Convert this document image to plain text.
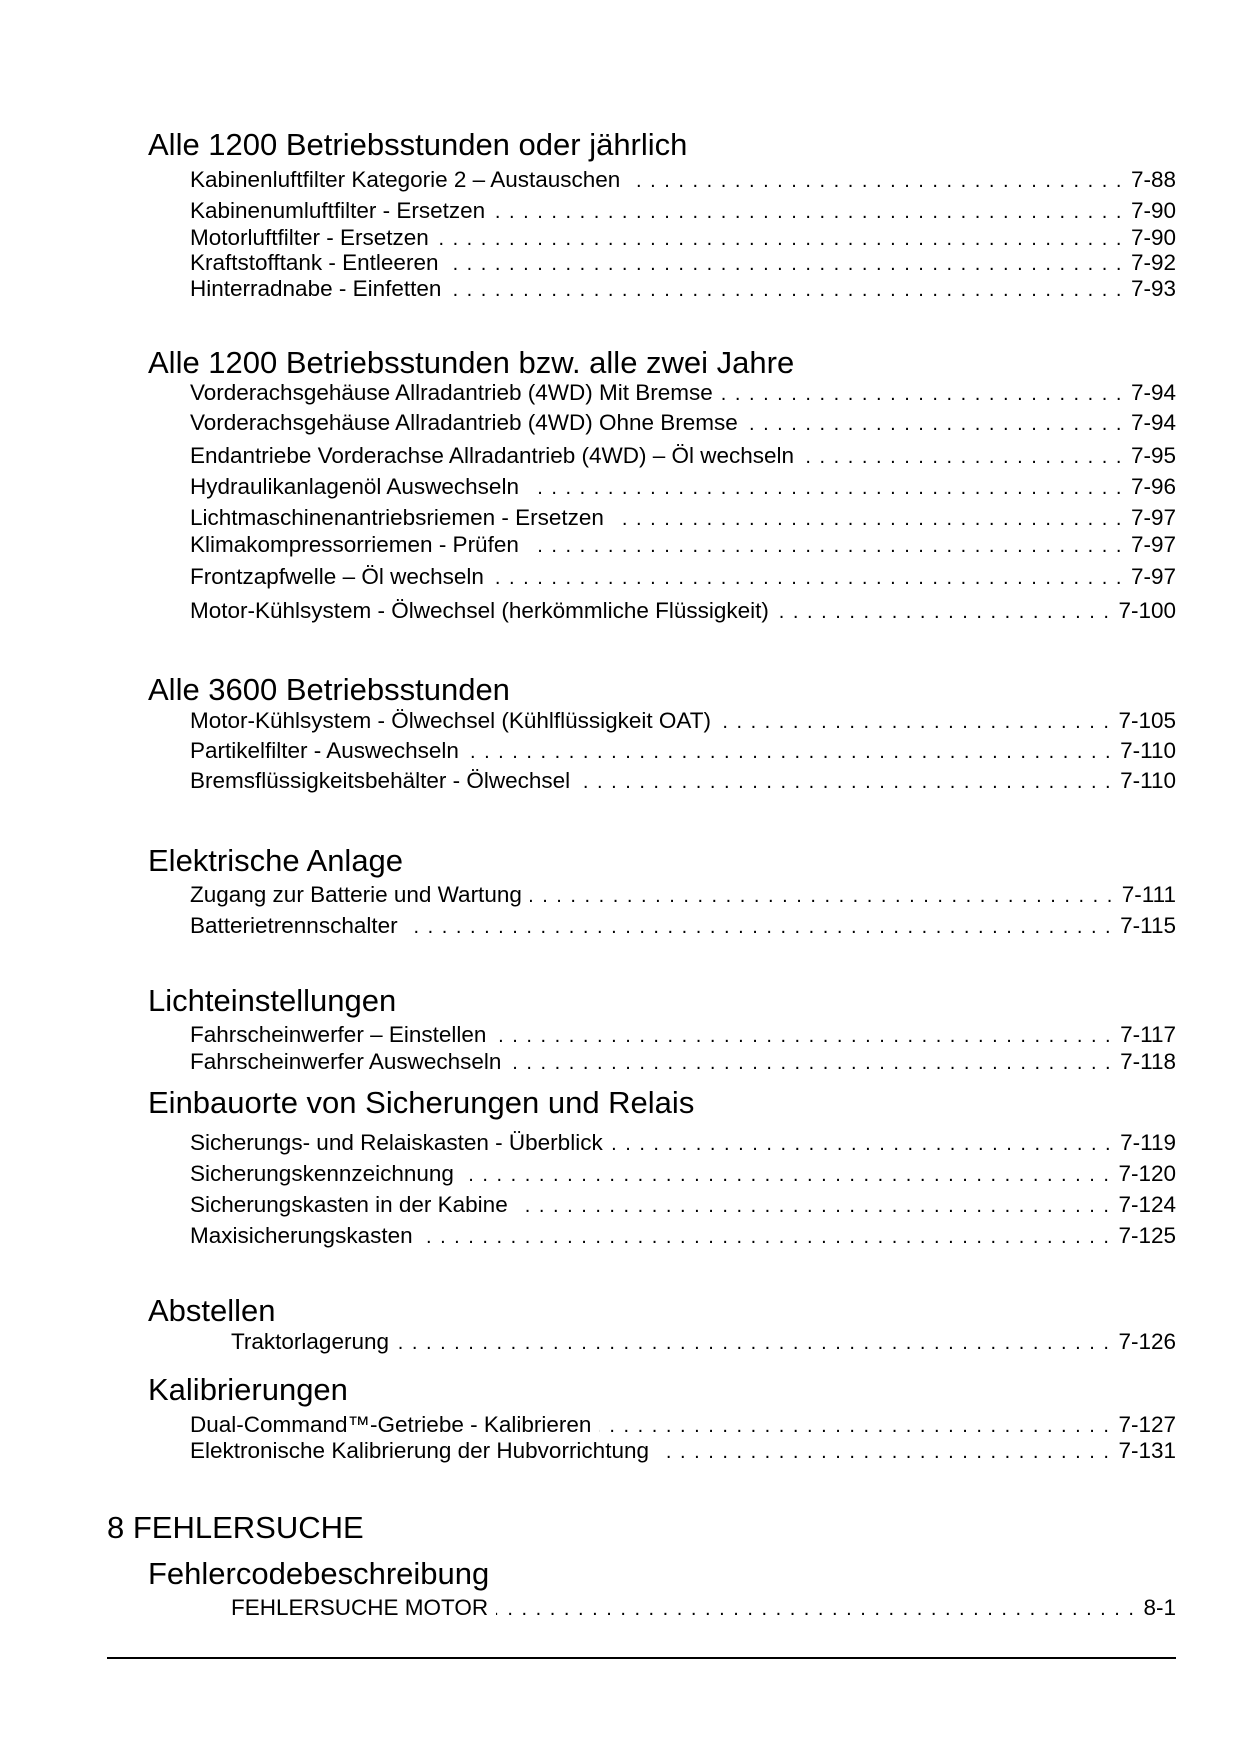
Alle 1200 Betriebsstunden oder jährlich
Kabinenluftfilter Kategorie 2 – Austauschen . . .	7-88
Kabinenumluftfilter - Ersetzen . . .	7-90
Motorluftfilter - Ersetzen . . .	7-90
Kraftstofftank - Entleeren . . .	7-92
Hinterradnabe - Einfetten . . .	7-93
Alle 1200 Betriebsstunden bzw. alle zwei Jahre
Vorderachsgehäuse Allradantrieb (4WD) Mit Bremse . . .	7-94
Vorderachsgehäuse Allradantrieb (4WD) Ohne Bremse . . .	7-94
Endantriebe Vorderachse Allradantrieb (4WD) – Öl wechseln . . .	7-95
Hydraulikanlagenöl Auswechseln . . .	7-96
Lichtmaschinenantriebsriemen - Ersetzen . . .	7-97
Klimakompressorriemen - Prüfen . . .	7-97
Frontzapfwelle – Öl wechseln . . .	7-97
Motor-Kühlsystem - Ölwechsel (herkömmliche Flüssigkeit) . . .	7-100
Alle 3600 Betriebsstunden
Motor-Kühlsystem - Ölwechsel (Kühlflüssigkeit OAT) . . .	7-105
Partikelfilter - Auswechseln . . .	7-110
Bremsflüssigkeitsbehälter - Ölwechsel . . .	7-110
Elektrische Anlage
Zugang zur Batterie und Wartung . . .	7-111
Batterietrennschalter . . .	7-115
Lichteinstellungen
Fahrscheinwerfer – Einstellen . . .	7-117
Fahrscheinwerfer Auswechseln . . .	7-118
Einbauorte von Sicherungen und Relais
Sicherungs- und Relaiskasten - Überblick . . .	7-119
Sicherungskennzeichnung . . .	7-120
Sicherungskasten in der Kabine . . .	7-124
Maxisicherungskasten . . .	7-125
Abstellen
Traktorlagerung . . .	7-126
Kalibrierungen
Dual-Command™-Getriebe - Kalibrieren . . .	7-127
Elektronische Kalibrierung der Hubvorrichtung . . .	7-131
8 FEHLERSUCHE
Fehlercodebeschreibung
FEHLERSUCHE MOTOR . . .	8-1
